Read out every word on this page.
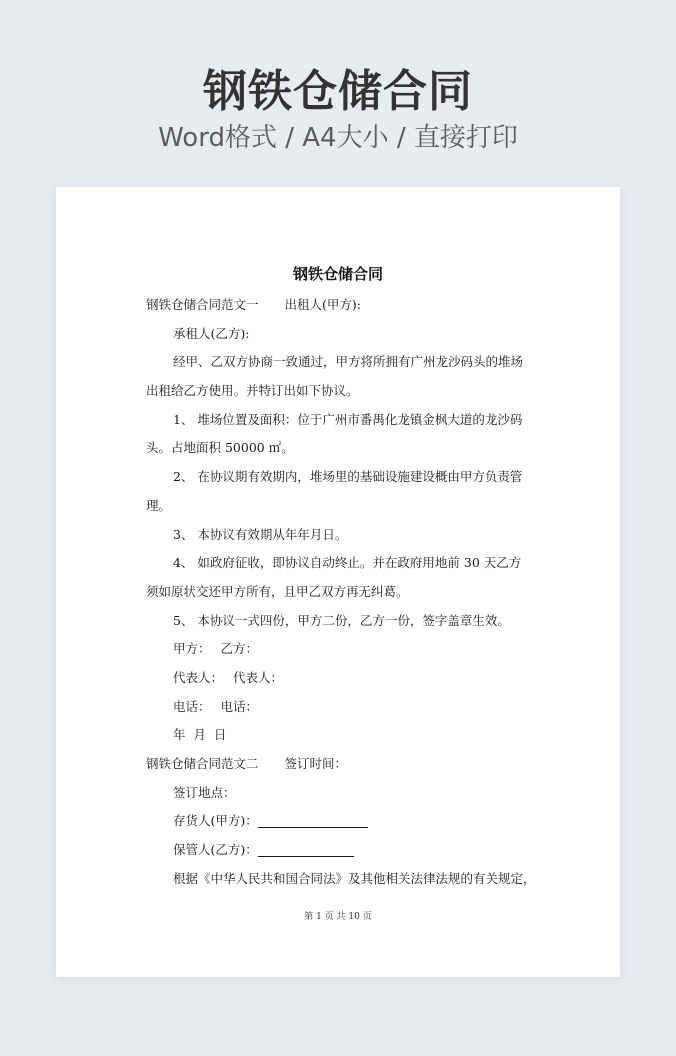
钢铁仓储合同
Word格式 / A4大小 / 直接打印
钢铁仓储合同
钢铁仓储合同范文一 出租人(甲方):
承租人(乙方):
经甲、乙双方协商一致通过，甲方将所拥有广州龙沙码头的堆场
出租给乙方使用。并特订出如下协议。
1、 堆场位置及面积：位于广州市番禺化龙镇金枫大道的龙沙码
头。占地面积 50000 ㎡。
2、 在协议期有效期内，堆场里的基础设施建设概由甲方负责管
理。
3、 本协议有效期从年年月日。
4、 如政府征收，即协议自动终止。并在政府用地前 30 天乙方
须如原状交还甲方所有，且甲乙双方再无纠葛。
5、 本协议一式四份，甲方二份，乙方一份，签字盖章生效。
甲方： 乙方：
代表人： 代表人：
电话： 电话：
年  月  日
钢铁仓储合同范文二 签订时间：
签订地点：
存货人(甲方)：
保管人(乙方)：
根据《中华人民共和国合同法》及其他相关法律法规的有关规定，
第 1 页 共 10 页
